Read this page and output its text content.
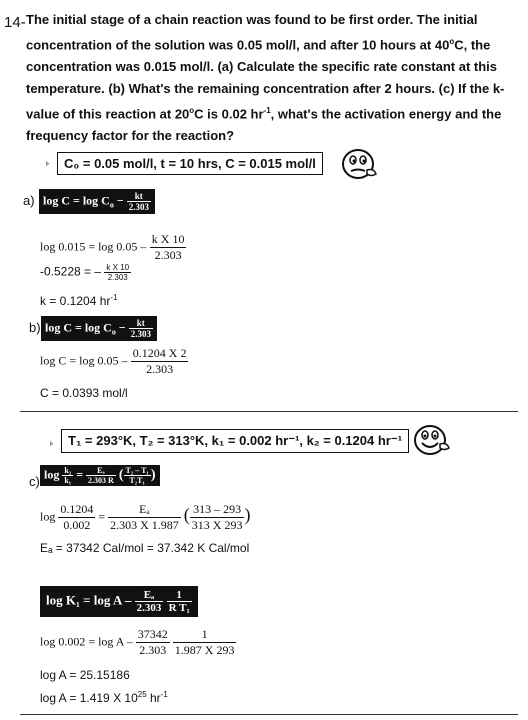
14- The initial stage of a chain reaction was found to be first order. The initial concentration of the solution was 0.05 mol/l, and after 10 hours at 40$^o$C, the concentration was 0.015 mol/l. (a) Calculate the specific rate constant at this temperature. (b) What's the remaining concentration after 2 hours. (c) If the k-value of this reaction at 20$^o$C is 0.02 $hr^{-1}$, what's the activation energy and the frequency factor for the reaction?
˫	C₀ = 0.05 mol/l, t = 10 hrs, C = 0.015 mol/l
a) $\log C = \log C_o - \frac{kt}{2.303}$
$\log 0.015 = \log 0.05 - \frac{\text{k X 10}}{2.303}$
-0.5228 = – $\frac{\text{k X 10}}{2.303}$
k = 0.1204 $hr^{-1}$
b) $\log C = \log C_o - \frac{kt}{2.303}$
$\log C = \log 0.05 - \frac{0.1204 X 2}{2.303}$
C = 0.0393 mol/l
˫	T₁ = 293°K, T₂ = 313°K, k₁ = 0.002 hr⁻¹, k₂ = 0.1204 hr⁻¹
c) $\log \frac{\text{k₂}}{\text{k₁}} = \frac{\text{Eₐ}}{2.303 R}$ ( $\frac{\text{T₂ – T₁}}{\text{T₂T₁}}$ )
$\log \frac{0.1204}{0.002} = \frac{\text{Eₐ}}{2.303 X 1.987}$ ( $\frac{313 - 293}{313 X 293}$ )
Eₐ = 37342 Cal/mol = 37.342 K Cal/mol
$\log K_1 = \log A - \frac{\text{Eₐ}}{2.303}$
$\frac{1}{\text{R T₁}}$
$\log 0.002 = \log A - \frac{37342}{2.303}$
$\frac{1}{1.987 X 293}$
log A = 25.15186
log A = 1.419 X $10^{25}$ $hr^{-1}$
